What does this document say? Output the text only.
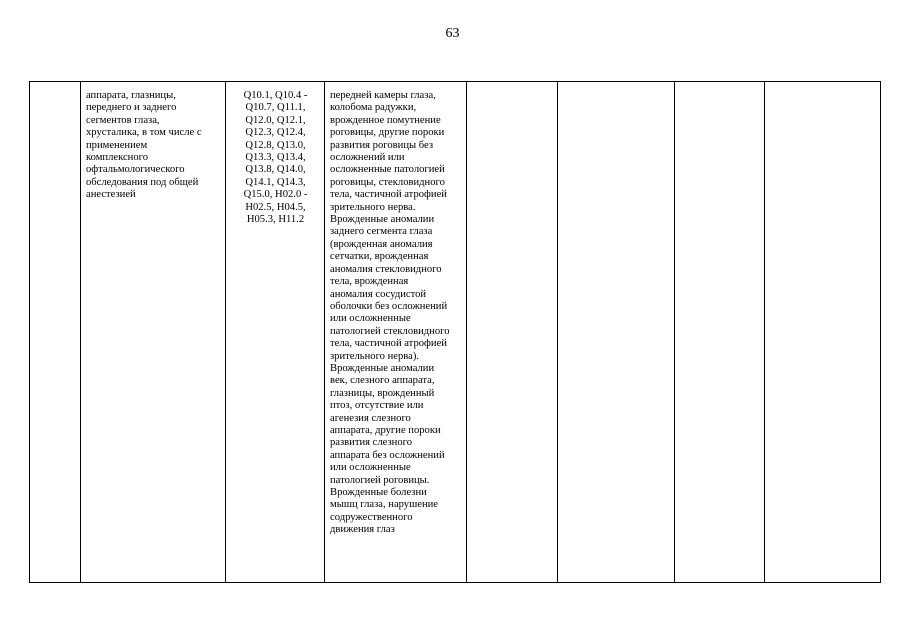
63

аппарата, глазницы,
переднего и заднего
сегментов глаза,
хрусталика, в том числе с
применением
комплексного
офтальмологического
обследования под общей
анестезией

Q10.1, Q10.4 -
Q10.7, Q11.1,
Q12.0, Q12.1,
Q12.3, Q12.4,
Q12.8, Q13.0,
Q13.3, Q13.4,
Q13.8, Q14.0,
Q14.1, Q14.3,
Q15.0, H02.0 -
H02.5, H04.5,
H05.3, H11.2

передней камеры глаза,
колобома радужки,
врожденное помутнение
роговицы, другие пороки
развития роговицы без
осложнений или
осложненные патологией
роговицы, стекловидного
тела, частичной атрофией
зрительного нерва.
Врожденные аномалии
заднего сегмента глаза
(врожденная аномалия
сетчатки, врожденная
аномалия стекловидного
тела, врожденная
аномалия сосудистой
оболочки без осложнений
или осложненные
патологией стекловидного
тела, частичной атрофией
зрительного нерва).
Врожденные аномалии
век, слезного аппарата,
глазницы, врожденный
птоз, отсутствие или
агенезия слезного
аппарата, другие пороки
развития слезного
аппарата без осложнений
или осложненные
патологией роговицы.
Врожденные болезни
мышц глаза, нарушение
содружественного
движения глаз
